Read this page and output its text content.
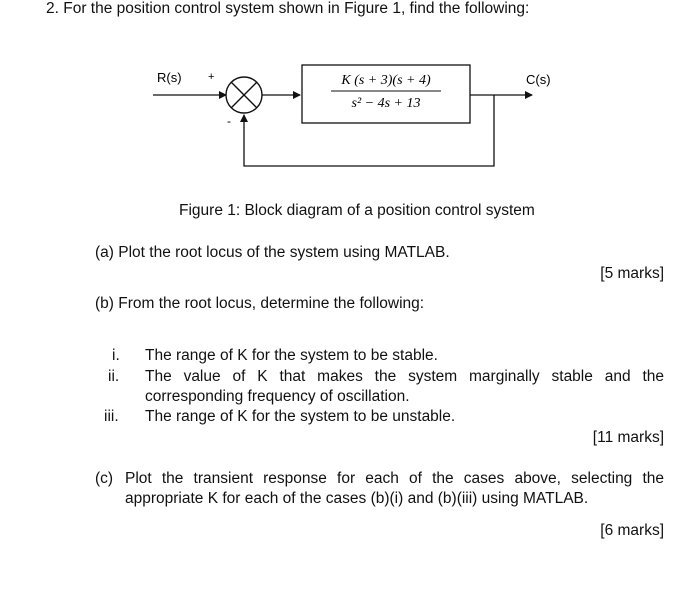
2. For the position control system shown in Figure 1, find the following:
R(s) +
-
K (s + 3)(s + 4)
s² − 4s + 13
C(s)
Figure 1: Block diagram of a position control system
(a) Plot the root locus of the system using MATLAB.
[5 marks]
(b) From the root locus, determine the following:
i. The range of K for the system to be stable.
ii. The value of K that makes the system marginally stable and the corresponding frequency of oscillation.
iii. The range of K for the system to be unstable.
[11 marks]
(c) Plot the transient response for each of the cases above, selecting the appropriate K for each of the cases (b)(i) and (b)(iii) using MATLAB.
[6 marks]
